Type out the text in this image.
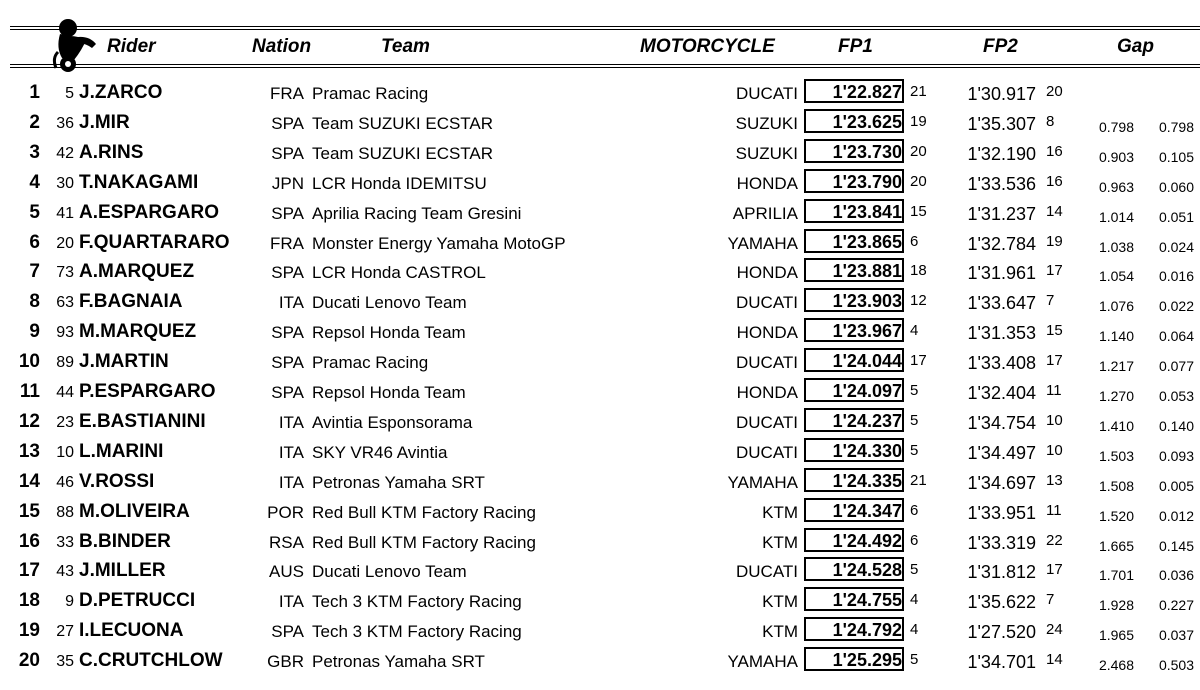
Rider	Nation	Team	MOTORCYCLE	FP1	FP2	Gap
1	5 J.ZARCO	FRA Pramac Racing	DUCATI	1'22.827 21	1'30.917 20
2	36 J.MIR	SPA Team SUZUKI ECSTAR	SUZUKI	1'23.625 19	1'35.307 8	0.798	0.798
3	42 A.RINS	SPA Team SUZUKI ECSTAR	SUZUKI	1'23.730 20	1'32.190 16	0.903	0.105
4	30 T.NAKAGAMI	JPN LCR Honda IDEMITSU	HONDA	1'23.790 20	1'33.536 16	0.963	0.060
5	41 A.ESPARGARO	SPA Aprilia Racing Team Gresini	APRILIA	1'23.841 15	1'31.237 14	1.014	0.051
6	20 F.QUARTARARO	FRA Monster Energy Yamaha MotoGP	YAMAHA	1'23.865 6	1'32.784 19	1.038	0.024
7	73 A.MARQUEZ	SPA LCR Honda CASTROL	HONDA	1'23.881 18	1'31.961 17	1.054	0.016
8	63 F.BAGNAIA	ITA Ducati Lenovo Team	DUCATI	1'23.903 12	1'33.647 7	1.076	0.022
9	93 M.MARQUEZ	SPA Repsol Honda Team	HONDA	1'23.967 4	1'31.353 15	1.140	0.064
10	89 J.MARTIN	SPA Pramac Racing	DUCATI	1'24.044 17	1'33.408 17	1.217	0.077
11	44 P.ESPARGARO	SPA Repsol Honda Team	HONDA	1'24.097 5	1'32.404 11	1.270	0.053
12	23 E.BASTIANINI	ITA Avintia Esponsorama	DUCATI	1'24.237 5	1'34.754 10	1.410	0.140
13	10 L.MARINI	ITA SKY VR46 Avintia	DUCATI	1'24.330 5	1'34.497 10	1.503	0.093
14	46 V.ROSSI	ITA Petronas Yamaha SRT	YAMAHA	1'24.335 21	1'34.697 13	1.508	0.005
15	88 M.OLIVEIRA	POR Red Bull KTM Factory Racing	KTM	1'24.347 6	1'33.951 11	1.520	0.012
16	33 B.BINDER	RSA Red Bull KTM Factory Racing	KTM	1'24.492 6	1'33.319 22	1.665	0.145
17	43 J.MILLER	AUS Ducati Lenovo Team	DUCATI	1'24.528 5	1'31.812 17	1.701	0.036
18	9 D.PETRUCCI	ITA Tech 3 KTM Factory Racing	KTM	1'24.755 4	1'35.622 7	1.928	0.227
19	27 I.LECUONA	SPA Tech 3 KTM Factory Racing	KTM	1'24.792 4	1'27.520 24	1.965	0.037
20	35 C.CRUTCHLOW	GBR Petronas Yamaha SRT	YAMAHA	1'25.295 5	1'34.701 14	2.468	0.503
